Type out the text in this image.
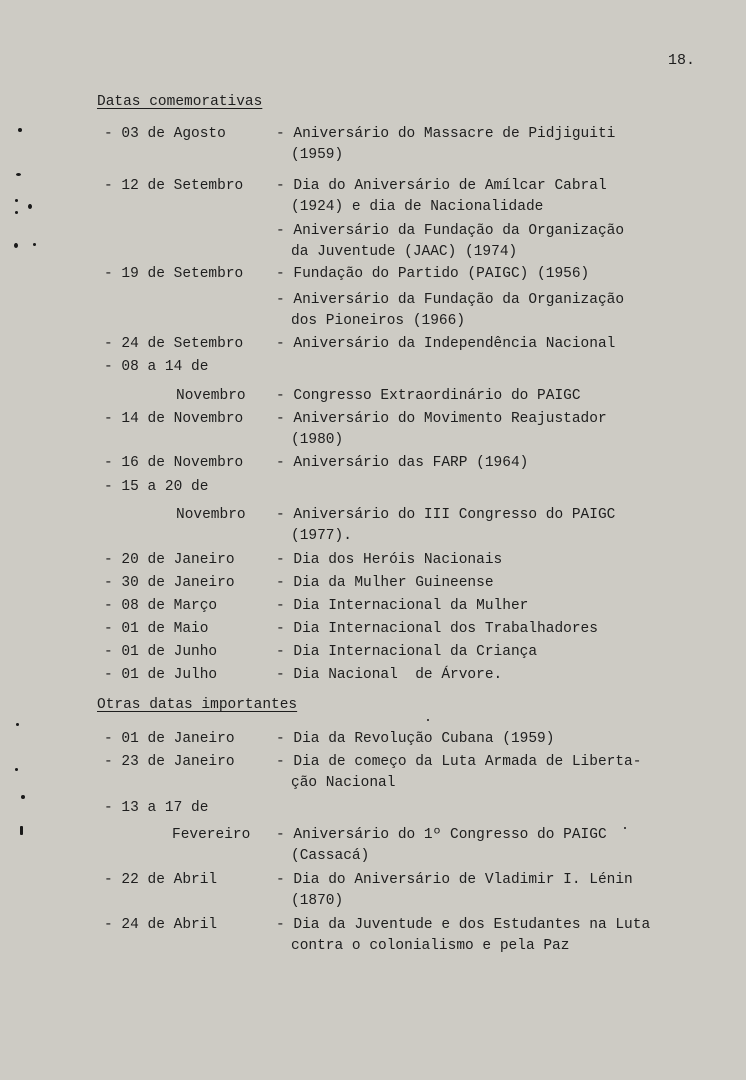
18.
Datas comemorativas
- 03 de Agosto	- Aniversário do Massacre de Pidjiguiti
(1959)
- 12 de Setembro - Dia do Aniversário de Amílcar Cabral
(1924) e dia de Nacionalidade
- Aniversário da Fundação da Organização
da Juventude (JAAC) (1974)
- 19 de Setembro - Fundação do Partido (PAIGC) (1956)
- Aniversário da Fundação da Organização
dos Pioneiros (1966)
- 24 de Setembro - Aniversário da Independência Nacional
- 08 a 14 de
Novembro - Congresso Extraordinário do PAIGC
- 14 de Novembro - Aniversário do Movimento Reajustador
(1980)
- 16 de Novembro - Aniversário das FARP (1964)
- 15 a 20 de
Novembro - Aniversário do III Congresso do PAIGC
(1977).
- 20 de Janeiro	- Dia dos Heróis Nacionais
- 30 de Janeiro	- Dia da Mulher Guineense
- 08 de Março	- Dia Internacional da Mulher
- 01 de Maio	- Dia Internacional dos Trabalhadores
- 01 de Junho	- Dia Internacional da Criança
- 01 de Julho	- Dia Nacional  de Árvore.
Otras datas importantes
- 01 de Janeiro	- Dia da Revolução Cubana (1959)
- 23 de Janeiro	- Dia de começo da Luta Armada de Liberta-
ção Nacional
- 13 a 17 de
Fevereiro - Aniversário do 1º Congresso do PAIGC
(Cassacá)
- 22 de Abril	- Dia do Aniversário de Vladimir I. Lénin
(1870)
- 24 de Abril	- Dia da Juventude e dos Estudantes na Luta
contra o colonialismo e pela Paz
